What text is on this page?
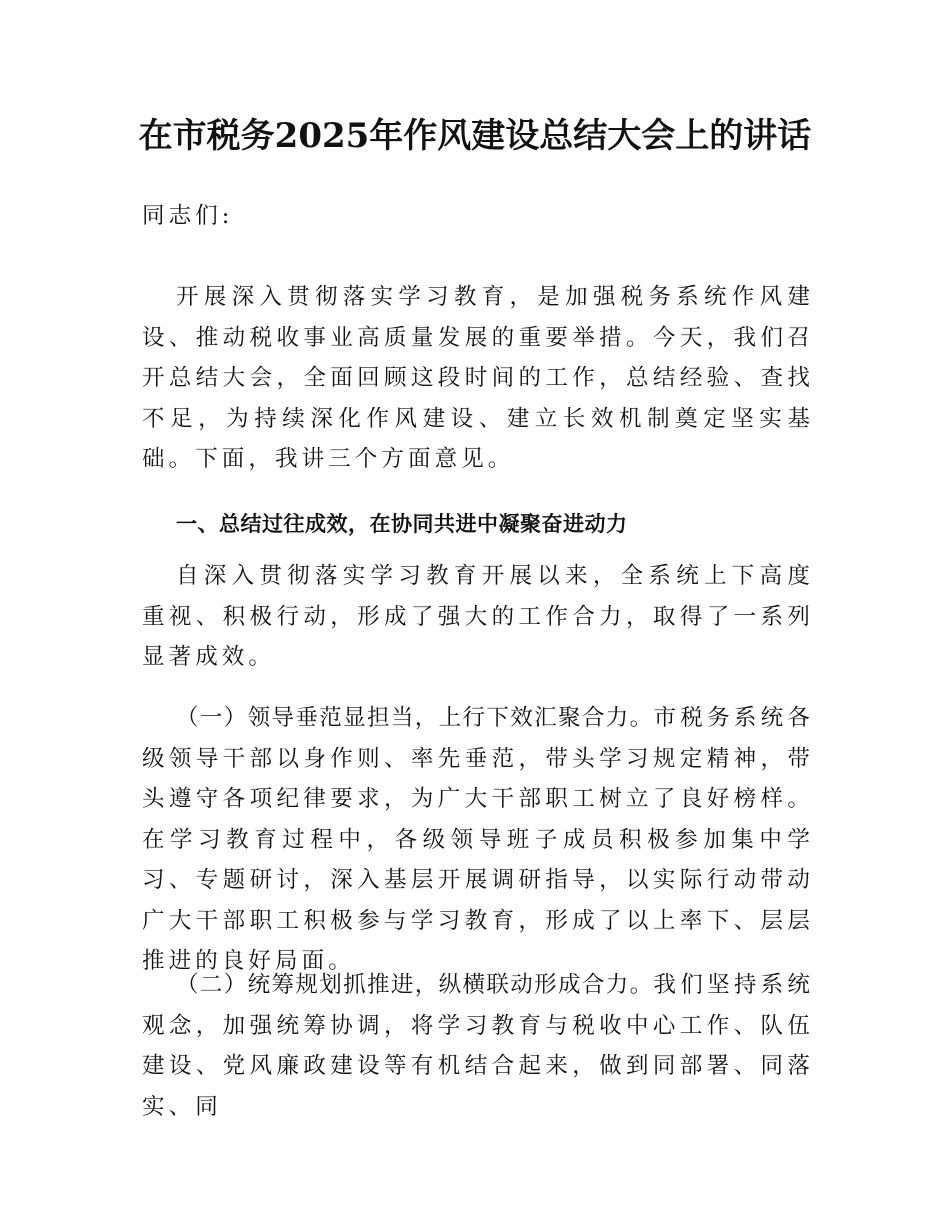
在市税务2025年作风建设总结大会上的讲话

同志们:

开展深入贯彻落实学习教育，是加强税务系统作风建设、推动税收事业高质量发展的重要举措。今天，我们召开总结大会，全面回顾这段时间的工作，总结经验、查找不足，为持续深化作风建设、建立长效机制奠定坚实基础。下面，我讲三个方面意见。

一、总结过往成效，在协同共进中凝聚奋进动力

自深入贯彻落实学习教育开展以来，全系统上下高度重视、积极行动，形成了强大的工作合力，取得了一系列显著成效。

（一）领导垂范显担当，上行下效汇聚合力。市税务系统各级领导干部以身作则、率先垂范，带头学习规定精神，带头遵守各项纪律要求，为广大干部职工树立了良好榜样。在学习教育过程中，各级领导班子成员积极参加集中学习、专题研讨，深入基层开展调研指导，以实际行动带动广大干部职工积极参与学习教育，形成了以上率下、层层推进的良好局面。

（二）统筹规划抓推进，纵横联动形成合力。我们坚持系统观念，加强统筹协调，将学习教育与税收中心工作、队伍建设、党风廉政建设等有机结合起来，做到同部署、同落实、同
